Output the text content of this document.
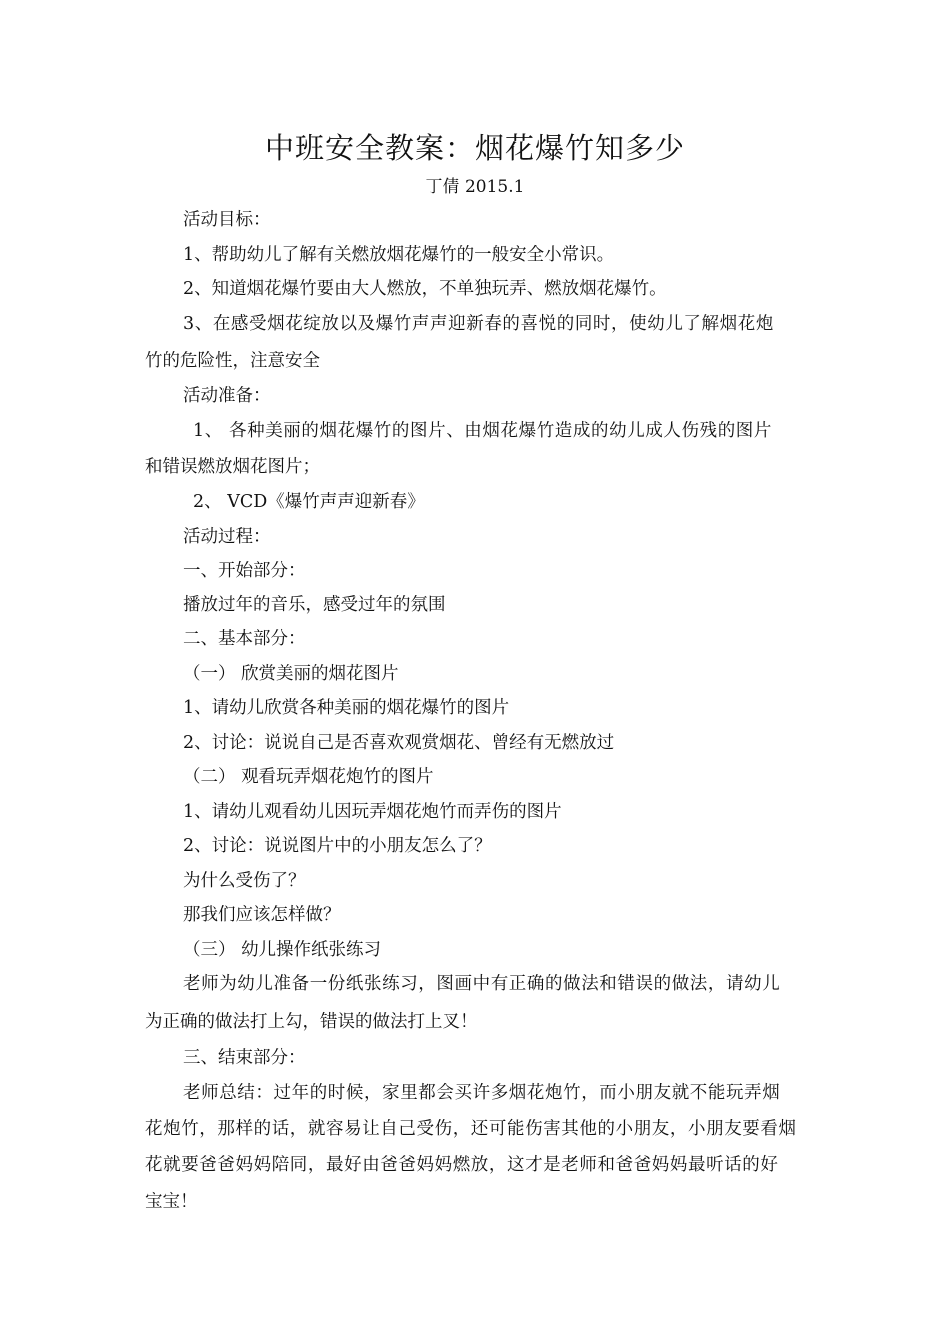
中班安全教案：烟花爆竹知多少
丁倩 2015.1
活动目标：
1、帮助幼儿了解有关燃放烟花爆竹的一般安全小常识。
2、知道烟花爆竹要由大人燃放，不单独玩弄、燃放烟花爆竹。
3、在感受烟花绽放以及爆竹声声迎新春的喜悦的同时，使幼儿了解烟花炮
竹的危险性，注意安全
活动准备：
1、 各种美丽的烟花爆竹的图片、由烟花爆竹造成的幼儿成人伤残的图片
和错误燃放烟花图片；
2、 VCD《爆竹声声迎新春》
活动过程：
一、开始部分：
播放过年的音乐，感受过年的氛围
二、基本部分：
（一） 欣赏美丽的烟花图片
1、请幼儿欣赏各种美丽的烟花爆竹的图片
2、讨论：说说自己是否喜欢观赏烟花、曾经有无燃放过
（二） 观看玩弄烟花炮竹的图片
1、请幼儿观看幼儿因玩弄烟花炮竹而弄伤的图片
2、讨论：说说图片中的小朋友怎么了？
为什么受伤了？
那我们应该怎样做？
（三） 幼儿操作纸张练习
老师为幼儿准备一份纸张练习，图画中有正确的做法和错误的做法，请幼儿
为正确的做法打上勾，错误的做法打上叉！
三、结束部分：
老师总结：过年的时候，家里都会买许多烟花炮竹，而小朋友就不能玩弄烟
花炮竹，那样的话，就容易让自己受伤，还可能伤害其他的小朋友，小朋友要看烟
花就要爸爸妈妈陪同，最好由爸爸妈妈燃放，这才是老师和爸爸妈妈最听话的好
宝宝！
